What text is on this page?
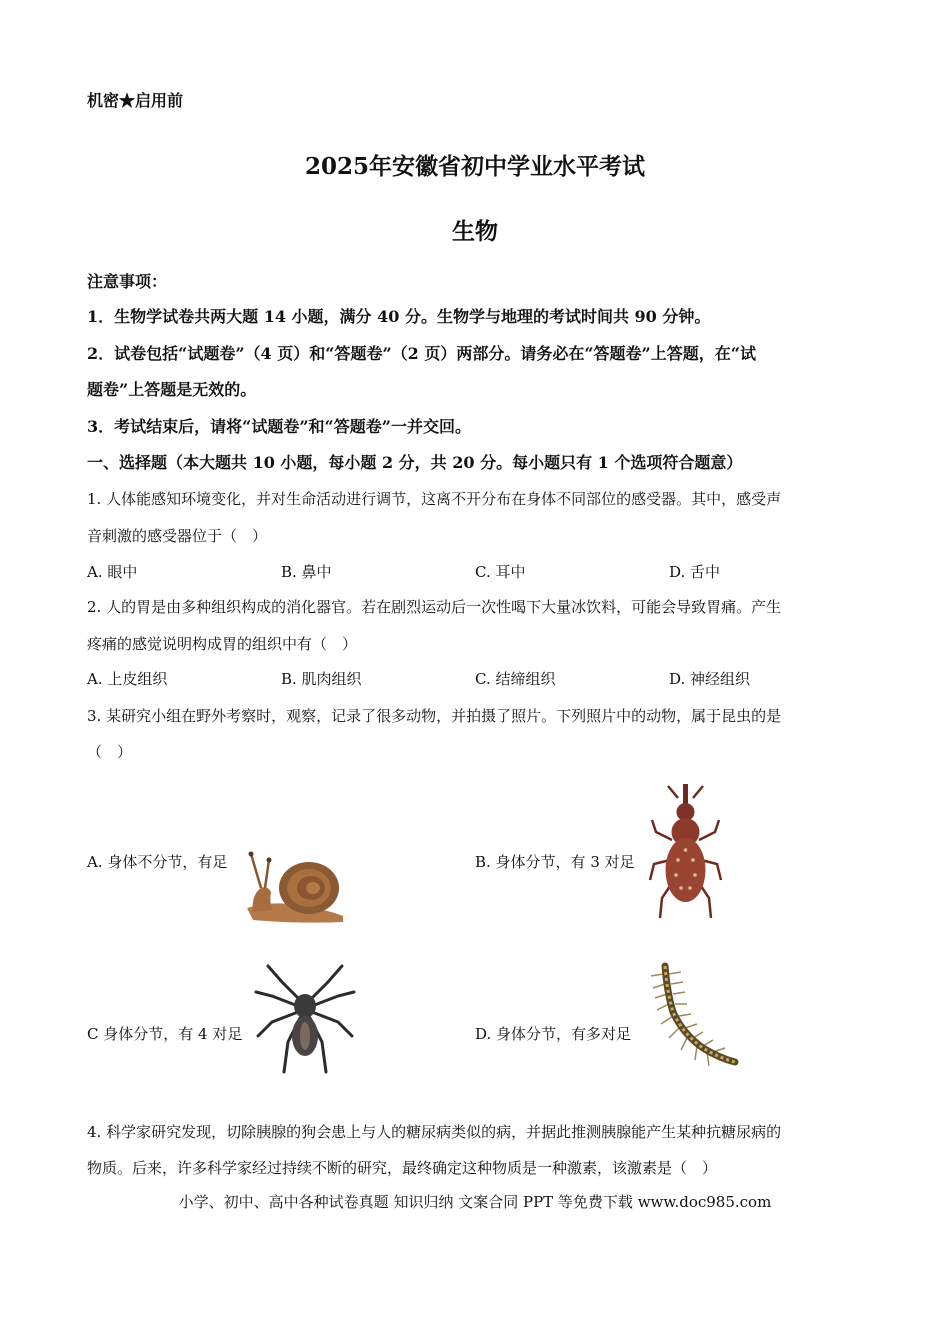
机密★启用前
2025年安徽省初中学业水平考试
生物
注意事项：
1．生物学试卷共两大题 14 小题，满分 40 分。生物学与地理的考试时间共 90 分钟。
2．试卷包括“试题卷”（4 页）和“答题卷”（2 页）两部分。请务必在“答题卷”上答题，在“试
题卷”上答题是无效的。
3．考试结束后，请将“试题卷”和“答题卷”一并交回。
一、选择题（本大题共 10 小题，每小题 2 分，共 20 分。每小题只有 1 个选项符合题意）
1. 人体能感知环境变化，并对生命活动进行调节，这离不开分布在身体不同部位的感受器。其中，感受声
音刺激的感受器位于（　）
A. 眼中	B. 鼻中	C. 耳中	D. 舌中
2. 人的胃是由多种组织构成的消化器官。若在剧烈运动后一次性喝下大量冰饮料，可能会导致胃痛。产生
疼痛的感觉说明构成胃的组织中有（　）
A. 上皮组织	B. 肌肉组织	C. 结缔组织	D. 神经组织
3. 某研究小组在野外考察时，观察，记录了很多动物，并拍摄了照片。下列照片中的动物，属于昆虫的是
（　）
A. 身体不分节，有足	B. 身体分节，有 3 对足
C 身体分节，有 4 对足	D. 身体分节，有多对足
4. 科学家研究发现，切除胰腺的狗会患上与人的糖尿病类似的病，并据此推测胰腺能产生某种抗糖尿病的
物质。后来，许多科学家经过持续不断的研究，最终确定这种物质是一种激素，该激素是（　）
小学、初中、高中各种试卷真题 知识归纳 文案合同 PPT 等免费下载 www.doc985.com
